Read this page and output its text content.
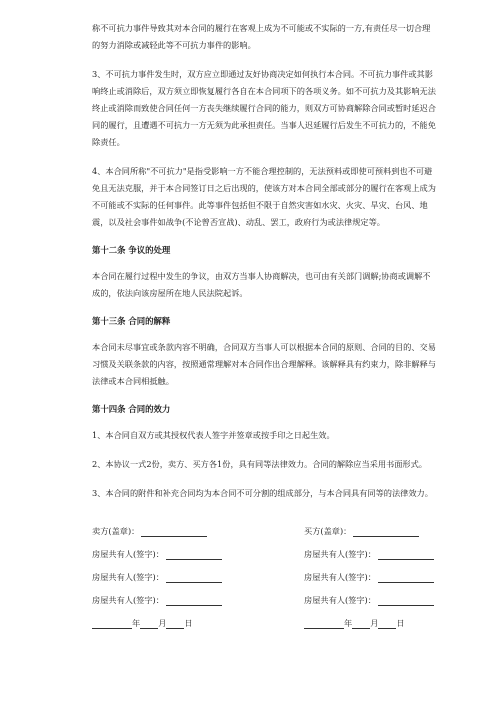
称不可抗力事件导致其对本合同的履行在客观上成为不可能或不实际的一方,有责任尽一切合理的努力消除或减轻此等不可抗力事件的影响。

3、不可抗力事件发生时，双方应立即通过友好协商决定如何执行本合同。不可抗力事件或其影响终止或消除后，双方须立即恢复履行各自在本合同项下的各项义务。如不可抗力及其影响无法终止或消除而致使合同任何一方丧失继续履行合同的能力，则双方可协商解除合同或暂时延迟合同的履行，且遭遇不可抗力一方无须为此承担责任。当事人迟延履行后发生不可抗力的，不能免除责任。

4、本合同所称"不可抗力"是指受影响一方不能合理控制的，无法预料或即使可预料到也不可避免且无法克服，并于本合同签订日之后出现的，使该方对本合同全部或部分的履行在客观上成为不可能或不实际的任何事件。此等事件包括但不限于自然灾害如水灾、火灾、旱灾、台风、地震，以及社会事件如战争(不论曾否宣战)、动乱、罢工，政府行为或法律规定等。

第十二条 争议的处理

本合同在履行过程中发生的争议，由双方当事人协商解决，也可由有关部门调解;协商或调解不成的，依法向该房屋所在地人民法院起诉。

第十三条 合同的解释

本合同未尽事宜或条款内容不明确，合同双方当事人可以根据本合同的原则、合同的目的、交易习惯及关联条款的内容，按照通常理解对本合同作出合理解释。该解释具有约束力，除非解释与法律或本合同相抵触。

第十四条 合同的效力

1、本合同自双方或其授权代表人签字并签章或按手印之日起生效。

2、本协议一式2份，卖方、买方各1份，具有同等法律效力。合同的解除应当采用书面形式。

3、本合同的附件和补充合同均为本合同不可分割的组成部分，与本合同具有同等的法律效力。

卖方(盖章)：	买方(盖章)：
房屋共有人(签字)：	房屋共有人(签字)：
房屋共有人(签字)：	房屋共有人(签字)：
房屋共有人(签字)：	房屋共有人(签字)：
年 月 日	年 月 日
